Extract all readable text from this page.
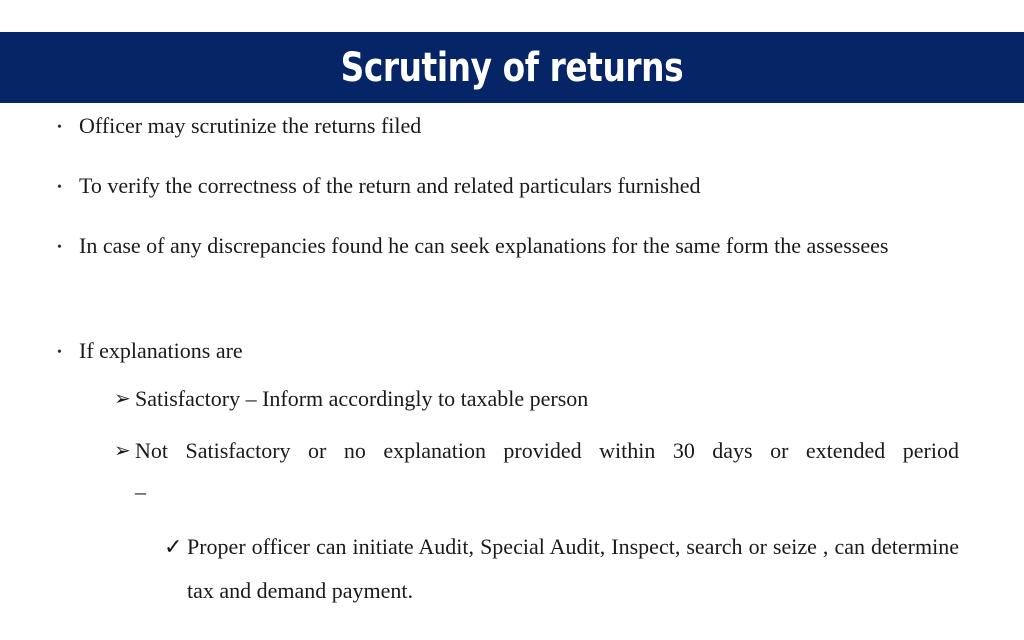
Scrutiny of returns
• Officer may scrutinize the returns filed
• To verify the correctness of the return and related particulars furnished
• In case of any discrepancies found he can seek explanations for the same form the assessees
• If explanations are
➢ Satisfactory – Inform accordingly to taxable person
➢ Not Satisfactory or no explanation provided within 30 days or extended period
–
✓ Proper officer can initiate Audit, Special Audit, Inspect, search or seize , can determine tax and demand payment.
